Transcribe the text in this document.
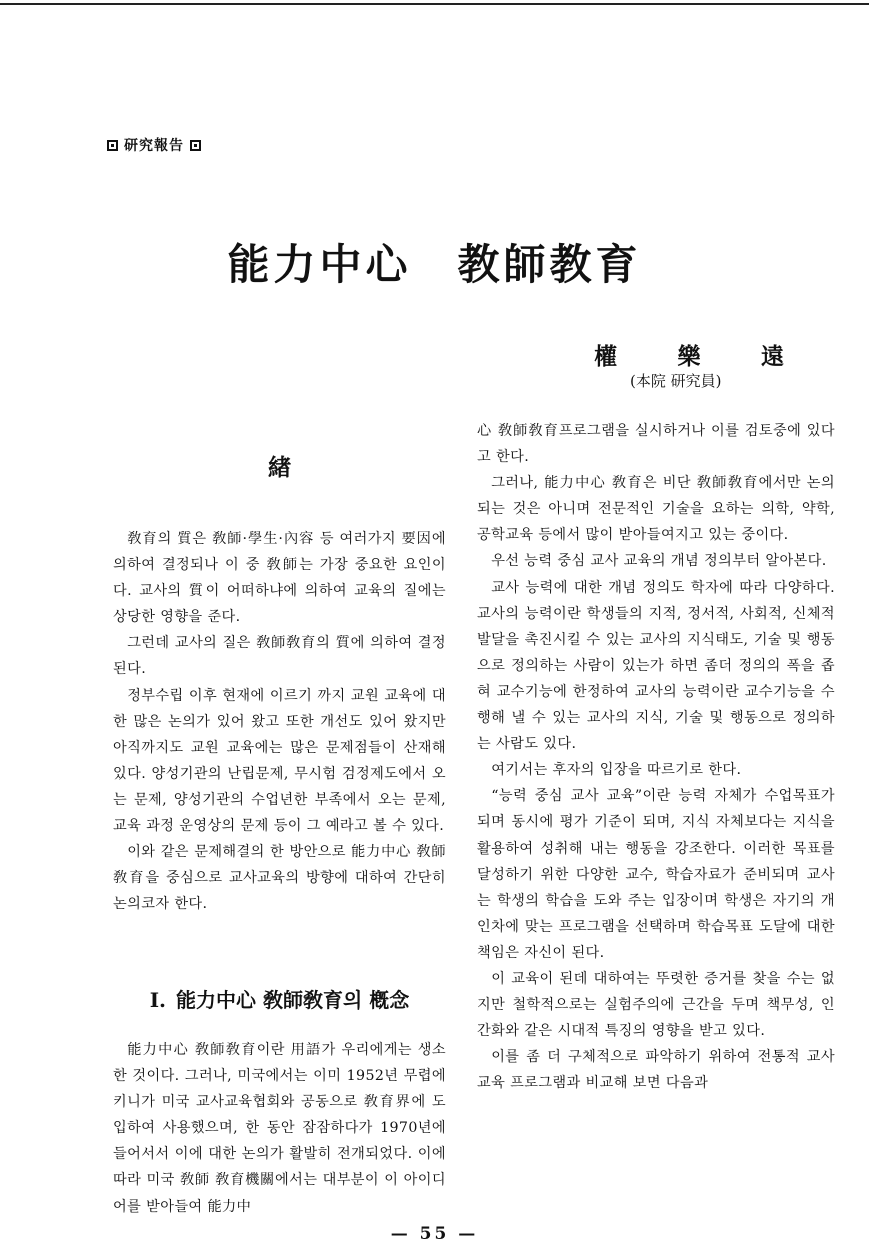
研究報告
能力中心　教師教育
權	樂	遠
(本院 研究員)
緖

敎育의 質은 敎師·學生·內容 등 여러가지 要因에 의하여 결정되나 이 중 敎師는 가장 중요한 요인이다. 교사의 質이 어떠하냐에 의하여 교육의 질에는 상당한 영향을 준다.

그런데 교사의 질은 敎師敎育의 質에 의하여 결정된다.

정부수립 이후 현재에 이르기 까지 교원 교육에 대한 많은 논의가 있어 왔고 또한 개선도 있어 왔지만 아직까지도 교원 교육에는 많은 문제점들이 산재해 있다. 양성기관의 난립문제, 무시험 검정제도에서 오는 문제, 양성기관의 수업년한 부족에서 오는 문제, 교육 과정 운영상의 문제 등이 그 예라고 볼 수 있다.

이와 같은 문제해결의 한 방안으로 能力中心 敎師敎育을 중심으로 교사교육의 방향에 대하여 간단히 논의코자 한다.

I. 能力中心 敎師敎育의 槪念

能力中心 敎師敎育이란 用語가 우리에게는 생소한 것이다. 그러나, 미국에서는 이미 1952년 무렵에 키니가 미국 교사교육협회와 공동으로 敎育界에 도입하여 사용했으며, 한 동안 잠잠하다가 1970년에 들어서서 이에 대한 논의가 활발히 전개되었다. 이에 따라 미국 敎師 敎育機關에서는 대부분이 이 아이디어를 받아들여 能力中

心 敎師敎育프로그램을 실시하거나 이를 검토중에 있다고 한다.

그러나, 能力中心 敎育은 비단 敎師敎育에서만 논의되는 것은 아니며 전문적인 기술을 요하는 의학, 약학, 공학교육 등에서 많이 받아들여지고 있는 중이다.

우선 능력 중심 교사 교육의 개념 정의부터 알아본다.

교사 능력에 대한 개념 정의도 학자에 따라 다양하다. 교사의 능력이란 학생들의 지적, 정서적, 사회적, 신체적 발달을 촉진시킬 수 있는 교사의 지식태도, 기술 및 행동으로 정의하는 사람이 있는가 하면 좀더 정의의 폭을 좁혀 교수기능에 한정하여 교사의 능력이란 교수기능을 수행해 낼 수 있는 교사의 지식, 기술 및 행동으로 정의하는 사람도 있다.

여기서는 후자의 입장을 따르기로 한다.

“능력 중심 교사 교육”이란 능력 자체가 수업목표가 되며 동시에 평가 기준이 되며, 지식 자체보다는 지식을 활용하여 성취해 내는 행동을 강조한다. 이러한 목표를 달성하기 위한 다양한 교수, 학습자료가 준비되며 교사는 학생의 학습을 도와 주는 입장이며 학생은 자기의 개인차에 맞는 프로그램을 선택하며 학습목표 도달에 대한 책임은 자신이 된다.

이 교육이 된데 대하여는 뚜렷한 증거를 찾을 수는 없지만 철학적으로는 실험주의에 근간을 두며 책무성, 인간화와 같은 시대적 특징의 영향을 받고 있다.

이를 좀 더 구체적으로 파악하기 위하여 전통적 교사 교육 프로그램과 비교해 보면 다음과

— 55 —
